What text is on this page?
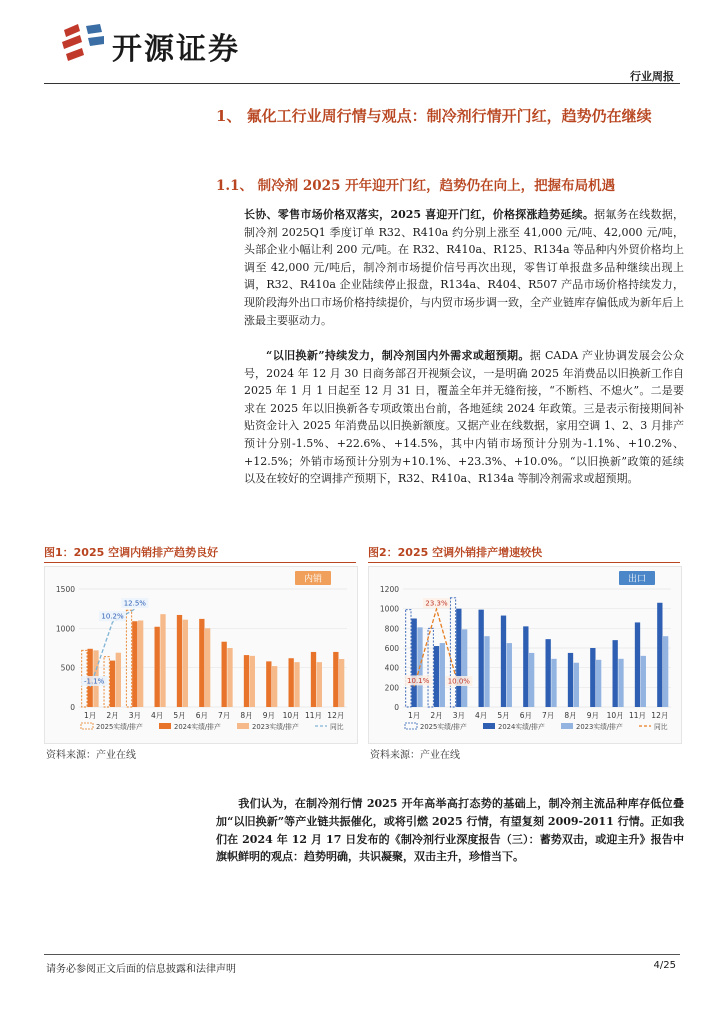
开源证券
行业周报
1、 氟化工行业周行情与观点：制冷剂行情开门红，趋势仍在继续
1.1、 制冷剂 2025 开年迎开门红，趋势仍在向上，把握布局机遇
长协、零售市场价格双落实，2025 喜迎开门红，价格探涨趋势延续。据氟务在线数据，制冷剂 2025Q1 季度订单 R32、R410a 约分别上涨至 41,000 元/吨、42,000 元/吨，头部企业小幅让利 200 元/吨。在 R32、R410a、R125、R134a 等品种内外贸价格均上调至 42,000 元/吨后，制冷剂市场提价信号再次出现，零售订单报盘多品种继续出现上调，R32、R410a 企业陆续停止报盘，R134a、R404、R507 产品市场价格持续发力，现阶段海外出口市场价格持续提价，与内贸市场步调一致，全产业链库存偏低成为新年后上涨最主要驱动力。
“以旧换新”持续发力，制冷剂国内外需求或超预期。据 CADA 产业协调发展会公众号，2024 年 12 月 30 日商务部召开视频会议，一是明确 2025 年消费品以旧换新工作自 2025 年 1 月 1 日起至 12 月 31 日，覆盖全年并无缝衔接，“不断档、不熄火”。二是要求在 2025 年以旧换新各专项政策出台前，各地延续 2024 年政策。三是表示衔接期间补贴资金计入 2025 年消费品以旧换新额度。又据产业在线数据，家用空调 1、2、3 月排产预计分别-1.5%、+22.6%、+14.5%，其中内销市场预计分别为-1.1%、+10.2%、+12.5%；外销市场预计分别为+10.1%、+23.3%、+10.0%。“以旧换新”政策的延续以及在较好的空调排产预期下，R32、R410a、R134a 等制冷剂需求或超预期。
图1：2025 空调内销排产趋势良好	图2：2025 空调外销排产增速较快
内销
0
500
1000
1500
1月 2月 3月 4月 5月 6月 7月 8月 9月 10月 11月 12月
-1.1%
10.2%
12.5%
2025实绩/排产	2024实绩/排产	2023实绩/排产	同比
出口
0
200
400
600
800
1000
1200
1月 2月 3月 4月 5月 6月 7月 8月 9月 10月 11月 12月
10.1%
23.3%
10.0%
2025实绩/排产	2024实绩/排产	2023实绩/排产	同比
资料来源：产业在线	资料来源：产业在线
我们认为，在制冷剂行情 2025 开年高举高打态势的基础上，制冷剂主流品种库存低位叠加“以旧换新”等产业链共振催化，或将引燃 2025 行情，有望复刻 2009-2011 行情。正如我们在 2024 年 12 月 17 日发布的《制冷剂行业深度报告（三）：蓄势双击，或迎主升》报告中旗帜鲜明的观点：趋势明确，共识凝聚，双击主升，珍惜当下。
请务必参阅正文后面的信息披露和法律声明	4/25
